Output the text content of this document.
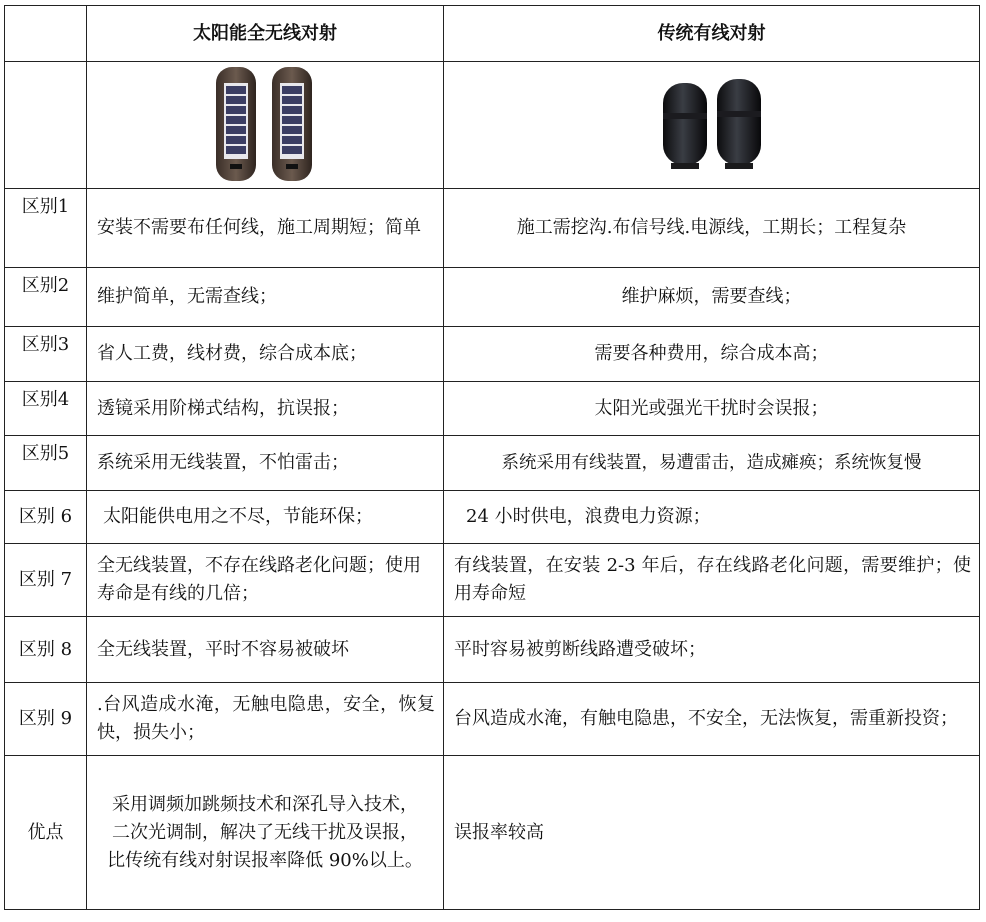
	太阳能全无线对射	传统有线对射

区别1	安装不需要布任何线，施工周期短；简单	施工需挖沟.布信号线.电源线，工期长；工程复杂
区别2	维护简单，无需查线；	维护麻烦，需要查线；
区别3	省人工费，线材费，综合成本底；	需要各种费用，综合成本高；
区别4	透镜采用阶梯式结构，抗误报；	太阳光或强光干扰时会误报；
区别5	系统采用无线装置，不怕雷击；	系统采用有线装置，易遭雷击，造成瘫痪；系统恢复慢
区别 6	太阳能供电用之不尽，节能环保；	24 小时供电，浪费电力资源；
区别 7	全无线装置，不存在线路老化问题；使用寿命是有线的几倍；	有线装置，在安装 2-3 年后，存在线路老化问题，需要维护；使用寿命短
区别 8	全无线装置，平时不容易被破坏	平时容易被剪断线路遭受破坏；
区别 9	.台风造成水淹，无触电隐患，安全，恢复快，损失小；	台风造成水淹，有触电隐患，不安全，无法恢复，需重新投资；
优点	采用调频加跳频技术和深孔导入技术，二次光调制，解决了无线干扰及误报，比传统有线对射误报率降低 90%以上。	误报率较高
